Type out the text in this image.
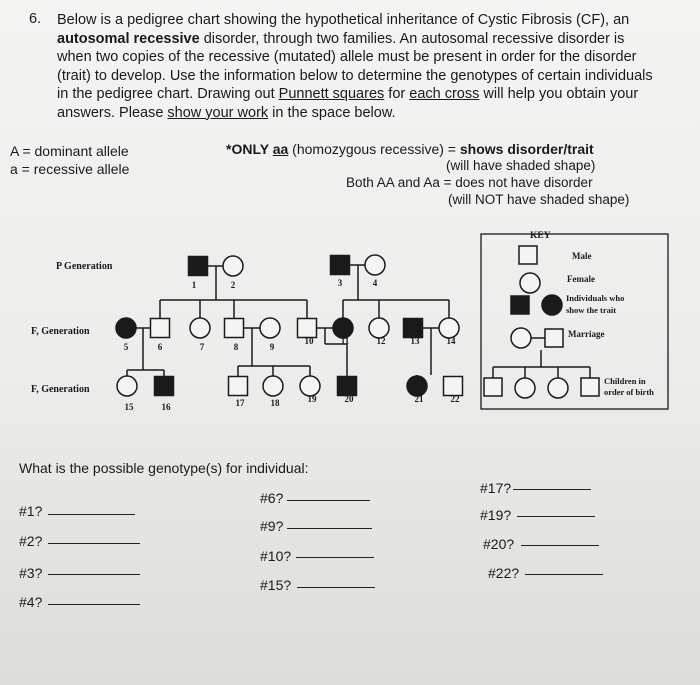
6. Below is a pedigree chart showing the hypothetical inheritance of Cystic Fibrosis (CF), an autosomal recessive disorder, through two families. An autosomal recessive disorder is when two copies of the recessive (mutated) allele must be present in order for the disorder (trait) to develop. Use the information below to determine the genotypes of certain individuals in the pedigree chart. Drawing out Punnett squares for each cross will help you obtain your answers. Please show your work in the space below.
A = dominant allele
a = recessive allele
*ONLY aa (homozygous recessive) = shows disorder/trait
(will have shaded shape)
Both AA and Aa = does not have disorder
(will NOT have shaded shape)
P Generation
F, Generation
F, Generation
1	2	3	4
5	6	7	8	9
10	11	12	13	14
15	16	17	18	19	20	21	22
KEY
Male
Female
Individuals who
show the trait
Marriage
Children in
order of birth
What is the possible genotype(s) for individual:
#1?
#2?
#3?
#4?
#6?
#9?
#10?
#15?
#17?
#19?
#20?
#22?
